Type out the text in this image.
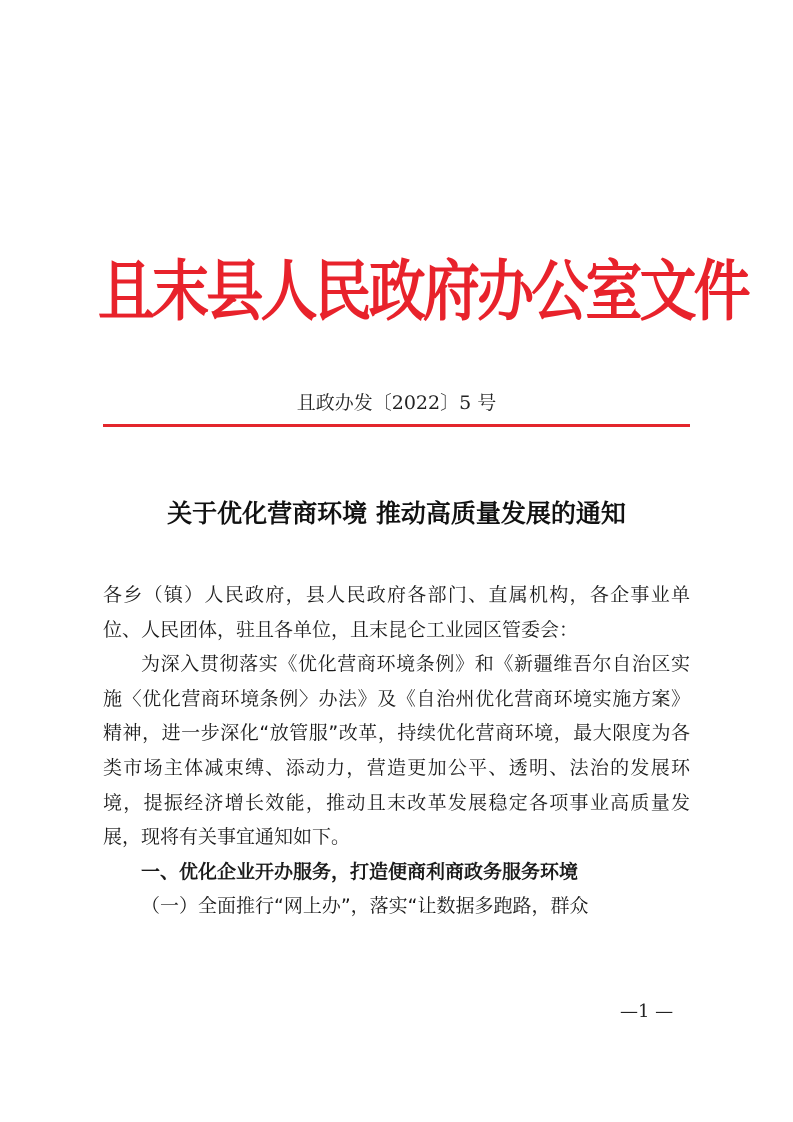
且末县人民政府办公室文件
且政办发〔2022〕5 号
关于优化营商环境 推动高质量发展的通知

各乡（镇）人民政府，县人民政府各部门、直属机构，各企事业单位、人民团体，驻且各单位，且末昆仑工业园区管委会：

为深入贯彻落实《优化营商环境条例》和《新疆维吾尔自治区实施〈优化营商环境条例〉办法》及《自治州优化营商环境实施方案》精神，进一步深化“放管服”改革，持续优化营商环境，最大限度为各类市场主体减束缚、添动力，营造更加公平、透明、法治的发展环境，提振经济增长效能，推动且末改革发展稳定各项事业高质量发展，现将有关事宜通知如下。

一、优化企业开办服务，打造便商利商政务服务环境

（一）全面推行“网上办”，落实“让数据多跑路，群众

—1 —
